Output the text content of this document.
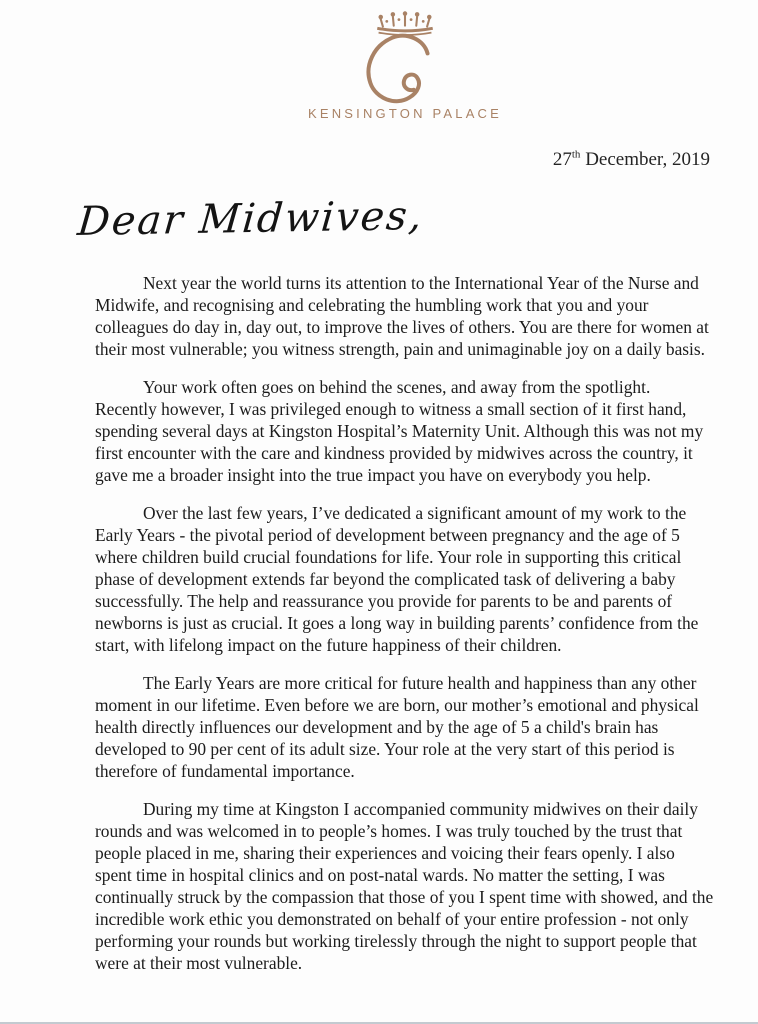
KENSINGTON PALACE
27th December, 2019
Dear Midwives,

Next year the world turns its attention to the International Year of the Nurse and Midwife, and recognising and celebrating the humbling work that you and your colleagues do day in, day out, to improve the lives of others. You are there for women at their most vulnerable; you witness strength, pain and unimaginable joy on a daily basis.

Your work often goes on behind the scenes, and away from the spotlight. Recently however, I was privileged enough to witness a small section of it first hand, spending several days at Kingston Hospital’s Maternity Unit. Although this was not my first encounter with the care and kindness provided by midwives across the country, it gave me a broader insight into the true impact you have on everybody you help.

Over the last few years, I’ve dedicated a significant amount of my work to the Early Years - the pivotal period of development between pregnancy and the age of 5 where children build crucial foundations for life. Your role in supporting this critical phase of development extends far beyond the complicated task of delivering a baby successfully. The help and reassurance you provide for parents to be and parents of newborns is just as crucial. It goes a long way in building parents’ confidence from the start, with lifelong impact on the future happiness of their children.

The Early Years are more critical for future health and happiness than any other moment in our lifetime. Even before we are born, our mother’s emotional and physical health directly influences our development and by the age of 5 a child's brain has developed to 90 per cent of its adult size. Your role at the very start of this period is therefore of fundamental importance.

During my time at Kingston I accompanied community midwives on their daily rounds and was welcomed in to people’s homes. I was truly touched by the trust that people placed in me, sharing their experiences and voicing their fears openly. I also spent time in hospital clinics and on post-natal wards. No matter the setting, I was continually struck by the compassion that those of you I spent time with showed, and the incredible work ethic you demonstrated on behalf of your entire profession - not only performing your rounds but working tirelessly through the night to support people that were at their most vulnerable.
